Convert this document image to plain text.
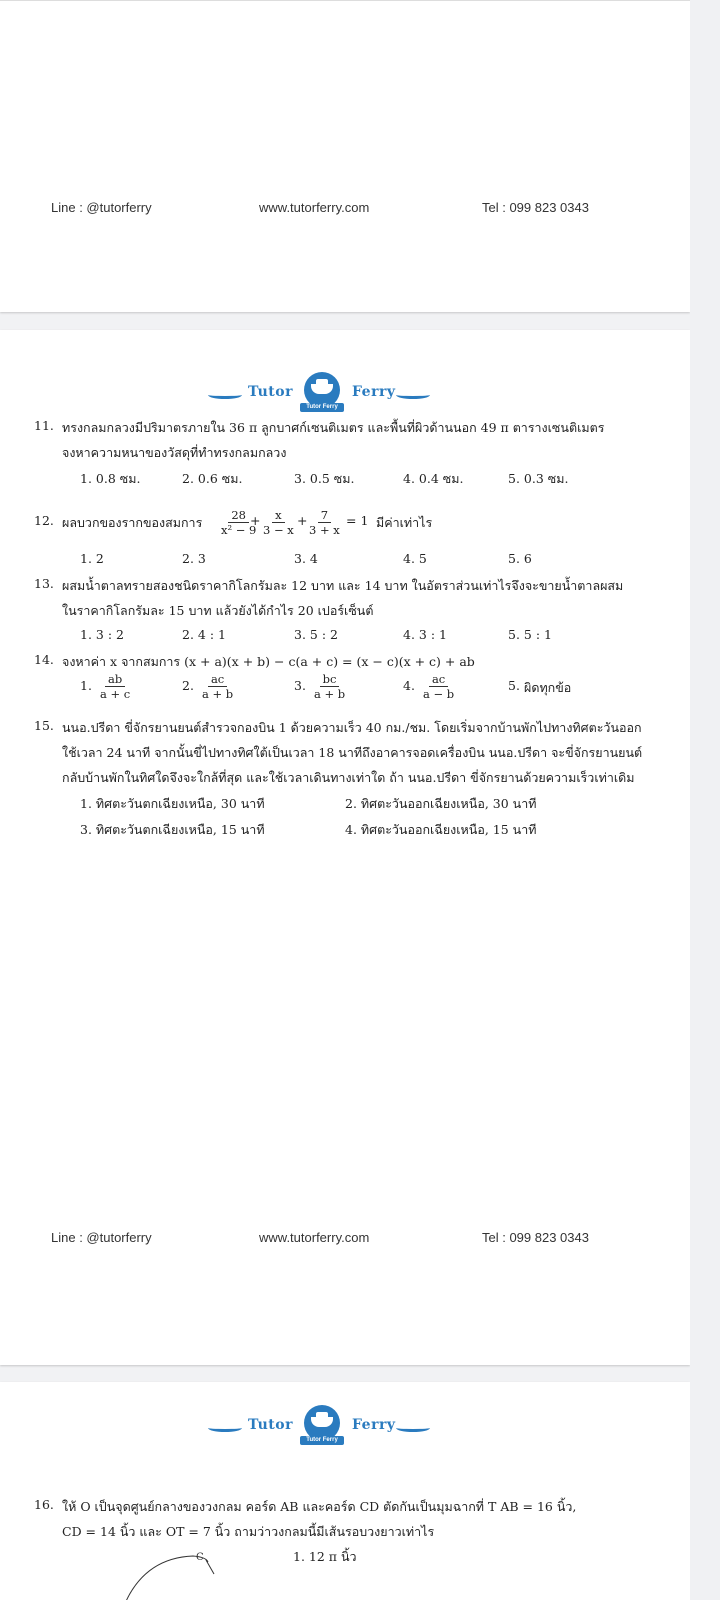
Line : @tutorferry	www.tutorferry.com	Tel : 099 823 0343
Tutor
Tutor Ferry
Ferry
11. ทรงกลมกลวงมีปริมาตรภายใน 36 π ลูกบาศก์เซนติเมตร และพื้นที่ผิวด้านนอก 49 π ตารางเซนติเมตร
จงหาความหนาของวัสดุที่ทำทรงกลมกลวง
1. 0.8 ซม.	2. 0.6 ซม.	3. 0.5 ซม.	4. 0.4 ซม.	5. 0.3 ซม.
12. ผลบวกของรากของสมการ $\frac{28}{\text{x² − 9}}$
+ $\frac{x}{3 - x}$ +
$\frac{7}{3 + x} = 1$ มีค่าเท่าไร
1. 2	2. 3	3. 4	4. 5	5. 6
13. ผสมน้ำตาลทรายสองชนิดราคากิโลกรัมละ 12 บาท และ 14 บาท ในอัตราส่วนเท่าไรจึงจะขายน้ำตาลผสม
ในราคากิโลกรัมละ 15 บาท แล้วยังได้กำไร 20 เปอร์เซ็นต์
1. 3 : 2	2. 4 : 1	3. 5 : 2	4. 3 : 1	5. 5 : 1
14. จงหาค่า x จากสมการ (x + a)(x + b) − c(a + c) = (x − c)(x + c) + ab
1. $\frac{ab}{a + c}$	2. $\frac{ac}{a + b}$	3. $\frac{bc}{a + b}$	4. $\frac{ac}{a - b}$	5. ผิดทุกข้อ
15. นนอ.ปรีดา ขี่จักรยานยนต์สำรวจกองบิน 1 ด้วยความเร็ว 40 กม./ชม. โดยเริ่มจากบ้านพักไปทางทิศตะวันออก
ใช้เวลา 24 นาที จากนั้นขี่ไปทางทิศใต้เป็นเวลา 18 นาทีถึงอาคารจอดเครื่องบิน นนอ.ปรีดา จะขี่จักรยานยนต์
กลับบ้านพักในทิศใดจึงจะใกล้ที่สุด และใช้เวลาเดินทางเท่าใด ถ้า นนอ.ปรีดา ขี่จักรยานด้วยความเร็วเท่าเดิม
1. ทิศตะวันตกเฉียงเหนือ, 30 นาที	2. ทิศตะวันออกเฉียงเหนือ, 30 นาที
3. ทิศตะวันตกเฉียงเหนือ, 15 นาที	4. ทิศตะวันออกเฉียงเหนือ, 15 นาที
Line : @tutorferry	www.tutorferry.com	Tel : 099 823 0343
Tutor
Tutor Ferry
Ferry
16. ให้ O เป็นจุดศูนย์กลางของวงกลม คอร์ด AB และคอร์ด CD ตัดกันเป็นมุมฉากที่ T AB = 16 นิ้ว,
CD = 14 นิ้ว และ OT = 7 นิ้ว ถามว่าวงกลมนี้มีเส้นรอบวงยาวเท่าไร
1. 12 π นิ้ว
C
